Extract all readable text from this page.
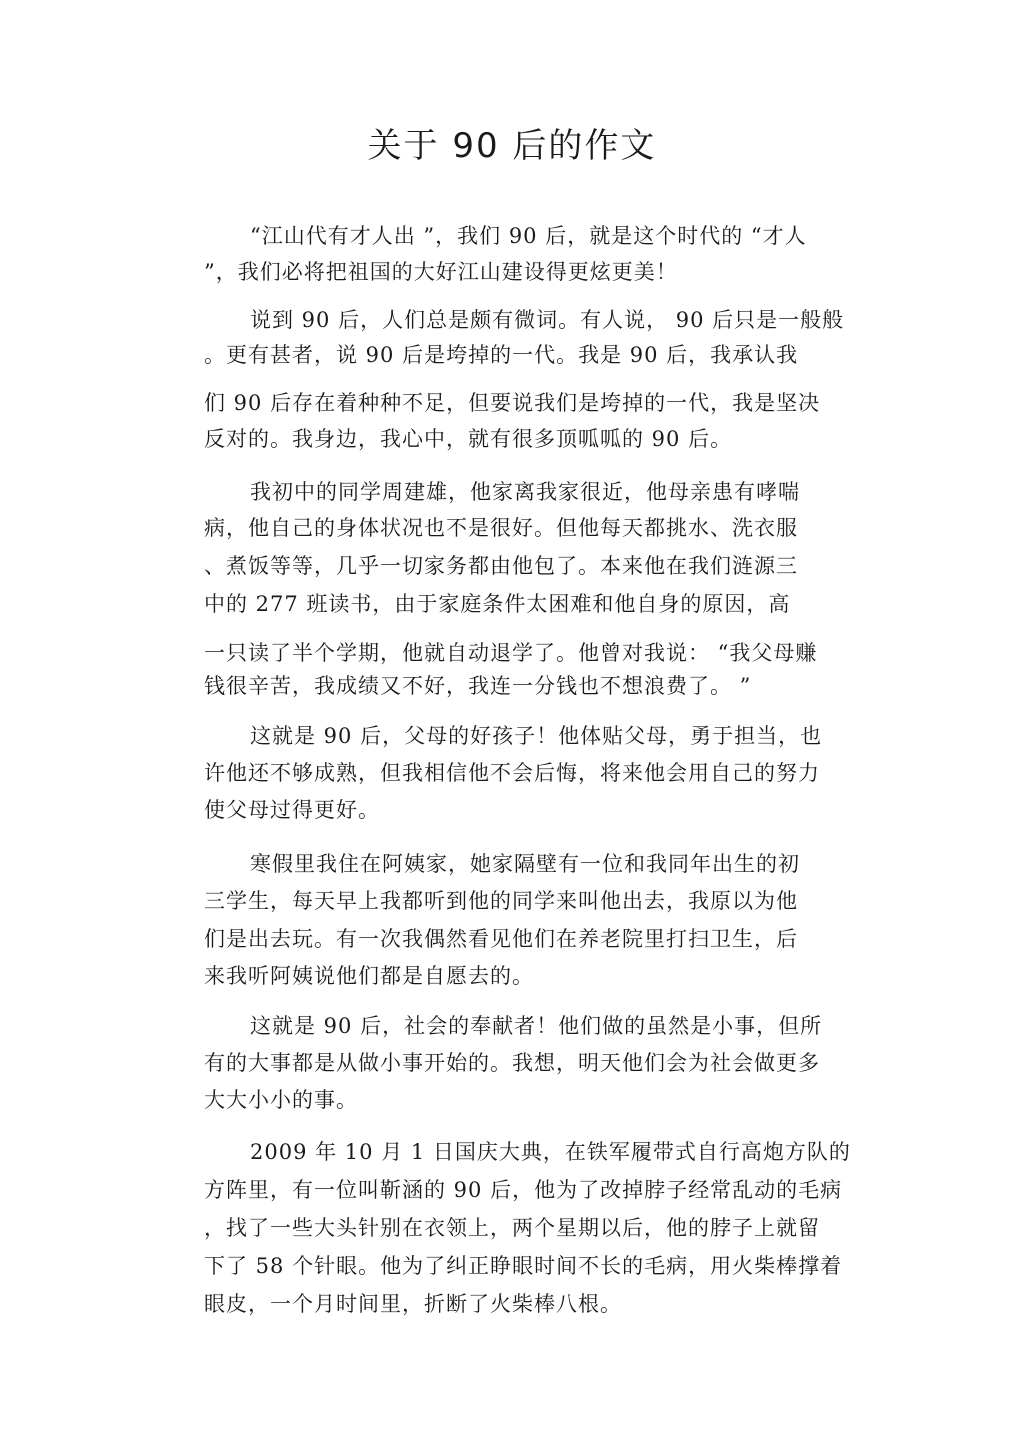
关于 90 后的作文
“江山代有才人出 ”，我们 90 后，就是这个时代的 “才人
”，我们必将把祖国的大好江山建设得更炫更美！
说到 90 后，人们总是颇有微词。有人说， 90 后只是一般般
。更有甚者，说 90 后是垮掉的一代。我是 90 后，我承认我
们 90 后存在着种种不足，但要说我们是垮掉的一代，我是坚决
反对的。我身边，我心中，就有很多顶呱呱的 90 后。
我初中的同学周建雄，他家离我家很近，他母亲患有哮喘
病，他自己的身体状况也不是很好。但他每天都挑水、洗衣服
、煮饭等等，几乎一切家务都由他包了。本来他在我们涟源三
中的 277 班读书，由于家庭条件太困难和他自身的原因，高
一只读了半个学期，他就自动退学了。他曾对我说： “我父母赚
钱很辛苦，我成绩又不好，我连一分钱也不想浪费了。 ”
这就是 90 后，父母的好孩子！他体贴父母，勇于担当，也
许他还不够成熟，但我相信他不会后悔，将来他会用自己的努力
使父母过得更好。
寒假里我住在阿姨家，她家隔壁有一位和我同年出生的初
三学生，每天早上我都听到他的同学来叫他出去，我原以为他
们是出去玩。有一次我偶然看见他们在养老院里打扫卫生，后
来我听阿姨说他们都是自愿去的。
这就是 90 后，社会的奉献者！他们做的虽然是小事，但所
有的大事都是从做小事开始的。我想，明天他们会为社会做更多
大大小小的事。
2009 年 10 月 1 日国庆大典，在铁军履带式自行高炮方队的
方阵里，有一位叫靳涵的 90 后，他为了改掉脖子经常乱动的毛病
，找了一些大头针别在衣领上，两个星期以后，他的脖子上就留
下了 58 个针眼。他为了纠正睁眼时间不长的毛病，用火柴棒撑着
眼皮，一个月时间里，折断了火柴棒八根。
